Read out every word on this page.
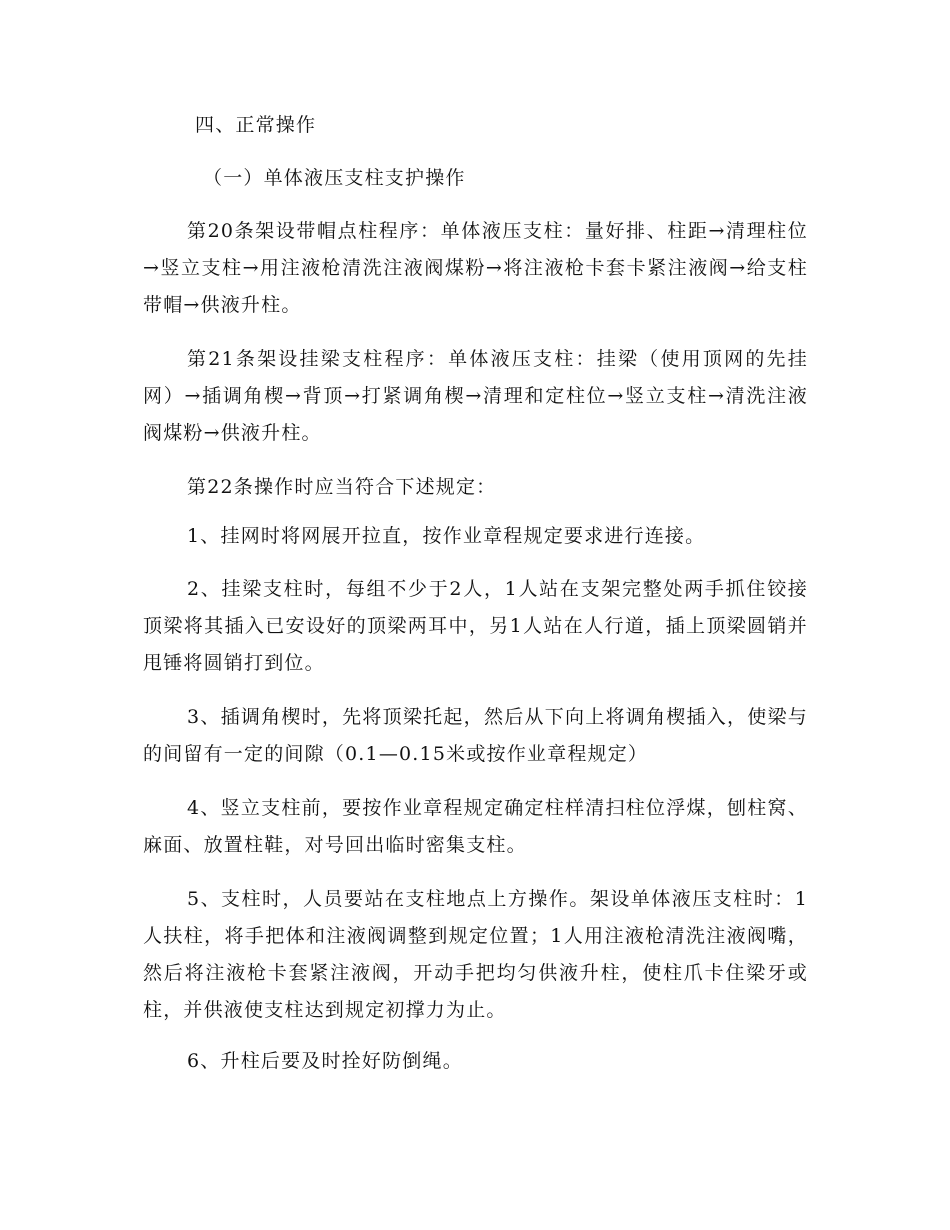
四、正常操作

（一）单体液压支柱支护操作

第20条架设带帽点柱程序：单体液压支柱：量好排、柱距→清理柱位→竖立支柱→用注液枪清洗注液阀煤粉→将注液枪卡套卡紧注液阀→给支柱带帽→供液升柱。

第21条架设挂梁支柱程序：单体液压支柱：挂梁（使用顶网的先挂网）→插调角楔→背顶→打紧调角楔→清理和定柱位→竖立支柱→清洗注液阀煤粉→供液升柱。

第22条操作时应当符合下述规定：

1、挂网时将网展开拉直，按作业章程规定要求进行连接。

2、挂梁支柱时，每组不少于2人，1人站在支架完整处两手抓住铰接顶梁将其插入已安设好的顶梁两耳中，另1人站在人行道，插上顶梁圆销并甩锤将圆销打到位。

3、插调角楔时，先将顶梁托起，然后从下向上将调角楔插入，使梁与的间留有一定的间隙（0.1—0.15米或按作业章程规定）

4、竖立支柱前，要按作业章程规定确定柱样清扫柱位浮煤，刨柱窝、麻面、放置柱鞋，对号回出临时密集支柱。

5、支柱时，人员要站在支柱地点上方操作。架设单体液压支柱时：1人扶柱，将手把体和注液阀调整到规定位置；1人用注液枪清洗注液阀嘴，然后将注液枪卡套紧注液阀，开动手把均匀供液升柱，使柱爪卡住梁牙或柱，并供液使支柱达到规定初撑力为止。

6、升柱后要及时拴好防倒绳。
